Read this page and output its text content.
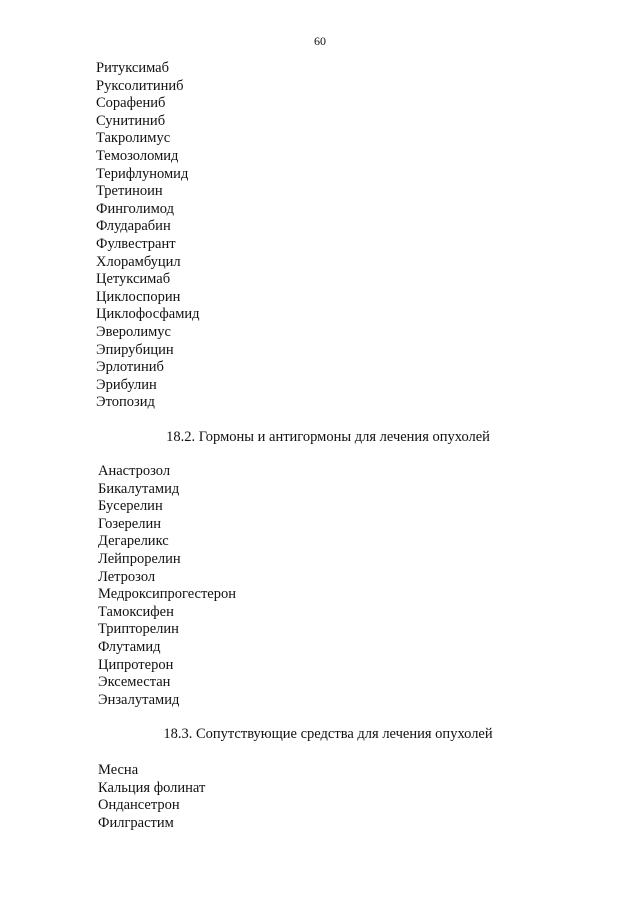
60
Ритуксимаб
Руксолитиниб
Сорафениб
Сунитиниб
Такролимус
Темозоломид
Терифлуномид
Третиноин
Финголимод
Флударабин
Фулвестрант
Хлорамбуцил
Цетуксимаб
Циклоспорин
Циклофосфамид
Эверолимус
Эпирубицин
Эрлотиниб
Эрибулин
Этопозид
18.2. Гормоны и антигормоны для лечения опухолей
Анастрозол
Бикалутамид
Бусерелин
Гозерелин
Дегареликс
Лейпрорелин
Летрозол
Медроксипрогестерон
Тамоксифен
Трипторелин
Флутамид
Ципротерон
Эксеместан
Энзалутамид
18.3. Сопутствующие средства для лечения опухолей
Месна
Кальция фолинат
Ондансетрон
Филграстим
